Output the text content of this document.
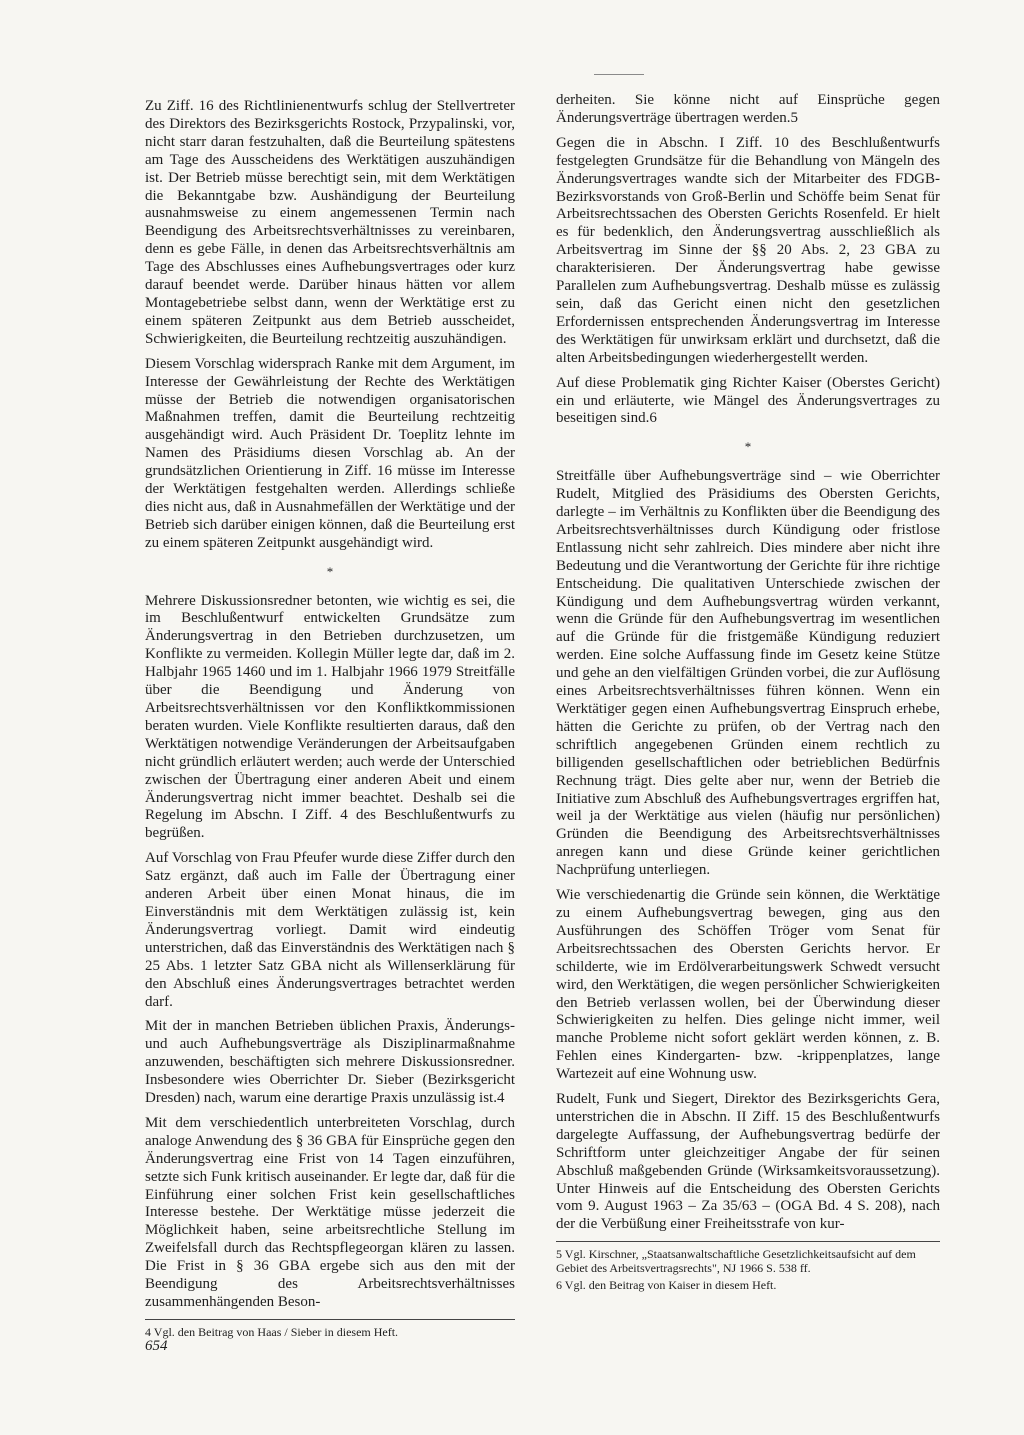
Zu Ziff. 16 des Richtlinienentwurfs schlug der Stellvertreter des Direktors des Bezirksgerichts Rostock, Przypalinski, vor, nicht starr daran festzuhalten, daß die Beurteilung spätestens am Tage des Ausscheidens des Werktätigen auszuhändigen ist. Der Betrieb müsse berechtigt sein, mit dem Werktätigen die Bekanntgabe bzw. Aushändigung der Beurteilung ausnahmsweise zu einem angemessenen Termin nach Beendigung des Arbeitsrechtsverhältnisses zu vereinbaren, denn es gebe Fälle, in denen das Arbeitsrechtsverhältnis am Tage des Abschlusses eines Aufhebungsvertrages oder kurz darauf beendet werde. Darüber hinaus hätten vor allem Montagebetriebe selbst dann, wenn der Werktätige erst zu einem späteren Zeitpunkt aus dem Betrieb ausscheidet, Schwierigkeiten, die Beurteilung rechtzeitig auszuhändigen.

Diesem Vorschlag widersprach Ranke mit dem Argument, im Interesse der Gewährleistung der Rechte des Werktätigen müsse der Betrieb die notwendigen organisatorischen Maßnahmen treffen, damit die Beurteilung rechtzeitig ausgehändigt wird. Auch Präsident Dr. Toeplitz lehnte im Namen des Präsidiums diesen Vorschlag ab. An der grundsätzlichen Orientierung in Ziff. 16 müsse im Interesse der Werktätigen festgehalten werden. Allerdings schließe dies nicht aus, daß in Ausnahmefällen der Werktätige und der Betrieb sich darüber einigen können, daß die Beurteilung erst zu einem späteren Zeitpunkt ausgehändigt wird.

*

Mehrere Diskussionsredner betonten, wie wichtig es sei, die im Beschlußentwurf entwickelten Grundsätze zum Änderungsvertrag in den Betrieben durchzusetzen, um Konflikte zu vermeiden. Kollegin Müller legte dar, daß im 2. Halbjahr 1965 1460 und im 1. Halbjahr 1966 1979 Streitfälle über die Beendigung und Änderung von Arbeitsrechtsverhältnissen vor den Konfliktkommissionen beraten wurden. Viele Konflikte resultierten daraus, daß den Werktätigen notwendige Veränderungen der Arbeitsaufgaben nicht gründlich erläutert werden; auch werde der Unterschied zwischen der Übertragung einer anderen Abeit und einem Änderungsvertrag nicht immer beachtet. Deshalb sei die Regelung im Abschn. I Ziff. 4 des Beschlußentwurfs zu begrüßen.

Auf Vorschlag von Frau Pfeufer wurde diese Ziffer durch den Satz ergänzt, daß auch im Falle der Übertragung einer anderen Arbeit über einen Monat hinaus, die im Einverständnis mit dem Werktätigen zulässig ist, kein Änderungsvertrag vorliegt. Damit wird eindeutig unterstrichen, daß das Einverständnis des Werktätigen nach § 25 Abs. 1 letzter Satz GBA nicht als Willenserklärung für den Abschluß eines Änderungsvertrages betrachtet werden darf.

Mit der in manchen Betrieben üblichen Praxis, Änderungs- und auch Aufhebungsverträge als Disziplinarmaßnahme anzuwenden, beschäftigten sich mehrere Diskussionsredner. Insbesondere wies Oberrichter Dr. Sieber (Bezirksgericht Dresden) nach, warum eine derartige Praxis unzulässig ist.4

Mit dem verschiedentlich unterbreiteten Vorschlag, durch analoge Anwendung des § 36 GBA für Einsprüche gegen den Änderungsvertrag eine Frist von 14 Tagen einzuführen, setzte sich Funk kritisch auseinander. Er legte dar, daß für die Einführung einer solchen Frist kein gesellschaftliches Interesse bestehe. Der Werktätige müsse jederzeit die Möglichkeit haben, seine arbeitsrechtliche Stellung im Zweifelsfall durch das Rechtspflegeorgan klären zu lassen. Die Frist in § 36 GBA ergebe sich aus den mit der Beendigung des Arbeitsrechtsverhältnisses zusammenhängenden Beson-

4 Vgl. den Beitrag von Haas / Sieber in diesem Heft.

derheiten. Sie könne nicht auf Einsprüche gegen Änderungsverträge übertragen werden.5

Gegen die in Abschn. I Ziff. 10 des Beschlußentwurfs festgelegten Grundsätze für die Behandlung von Mängeln des Änderungsvertrages wandte sich der Mitarbeiter des FDGB-Bezirksvorstands von Groß-Berlin und Schöffe beim Senat für Arbeitsrechtssachen des Obersten Gerichts Rosenfeld. Er hielt es für bedenklich, den Änderungsvertrag ausschließlich als Arbeitsvertrag im Sinne der §§ 20 Abs. 2, 23 GBA zu charakterisieren. Der Änderungsvertrag habe gewisse Parallelen zum Aufhebungsvertrag. Deshalb müsse es zulässig sein, daß das Gericht einen nicht den gesetzlichen Erfordernissen entsprechenden Änderungsvertrag im Interesse des Werktätigen für unwirksam erklärt und durchsetzt, daß die alten Arbeitsbedingungen wiederhergestellt werden.

Auf diese Problematik ging Richter Kaiser (Oberstes Gericht) ein und erläuterte, wie Mängel des Änderungsvertrages zu beseitigen sind.6

*

Streitfälle über Aufhebungsverträge sind – wie Oberrichter Rudelt, Mitglied des Präsidiums des Obersten Gerichts, darlegte – im Verhältnis zu Konflikten über die Beendigung des Arbeitsrechtsverhältnisses durch Kündigung oder fristlose Entlassung nicht sehr zahlreich. Dies mindere aber nicht ihre Bedeutung und die Verantwortung der Gerichte für ihre richtige Entscheidung. Die qualitativen Unterschiede zwischen der Kündigung und dem Aufhebungsvertrag würden verkannt, wenn die Gründe für den Aufhebungsvertrag im wesentlichen auf die Gründe für die fristgemäße Kündigung reduziert werden. Eine solche Auffassung finde im Gesetz keine Stütze und gehe an den vielfältigen Gründen vorbei, die zur Auflösung eines Arbeitsrechtsverhältnisses führen können. Wenn ein Werktätiger gegen einen Aufhebungsvertrag Einspruch erhebe, hätten die Gerichte zu prüfen, ob der Vertrag nach den schriftlich angegebenen Gründen einem rechtlich zu billigenden gesellschaftlichen oder betrieblichen Bedürfnis Rechnung trägt. Dies gelte aber nur, wenn der Betrieb die Initiative zum Abschluß des Aufhebungsvertrages ergriffen hat, weil ja der Werktätige aus vielen (häufig nur persönlichen) Gründen die Beendigung des Arbeitsrechtsverhältnisses anregen kann und diese Gründe keiner gerichtlichen Nachprüfung unterliegen.

Wie verschiedenartig die Gründe sein können, die Werktätige zu einem Aufhebungsvertrag bewegen, ging aus den Ausführungen des Schöffen Tröger vom Senat für Arbeitsrechtssachen des Obersten Gerichts hervor. Er schilderte, wie im Erdölverarbeitungswerk Schwedt versucht wird, den Werktätigen, die wegen persönlicher Schwierigkeiten den Betrieb verlassen wollen, bei der Überwindung dieser Schwierigkeiten zu helfen. Dies gelinge nicht immer, weil manche Probleme nicht sofort geklärt werden können, z. B. Fehlen eines Kindergarten- bzw. -krippenplatzes, lange Wartezeit auf eine Wohnung usw.

Rudelt, Funk und Siegert, Direktor des Bezirksgerichts Gera, unterstrichen die in Abschn. II Ziff. 15 des Beschlußentwurfs dargelegte Auffassung, der Aufhebungsvertrag bedürfe der Schriftform unter gleichzeitiger Angabe der für seinen Abschluß maßgebenden Gründe (Wirksamkeitsvoraussetzung). Unter Hinweis auf die Entscheidung des Obersten Gerichts vom 9. August 1963 – Za 35/63 – (OGA Bd. 4 S. 208), nach der die Verbüßung einer Freiheitsstrafe von kur-

5 Vgl. Kirschner, „Staatsanwaltschaftliche Gesetzlichkeitsaufsicht auf dem Gebiet des Arbeitsvertragsrechts", NJ 1966 S. 538 ff.

6 Vgl. den Beitrag von Kaiser in diesem Heft.

654
